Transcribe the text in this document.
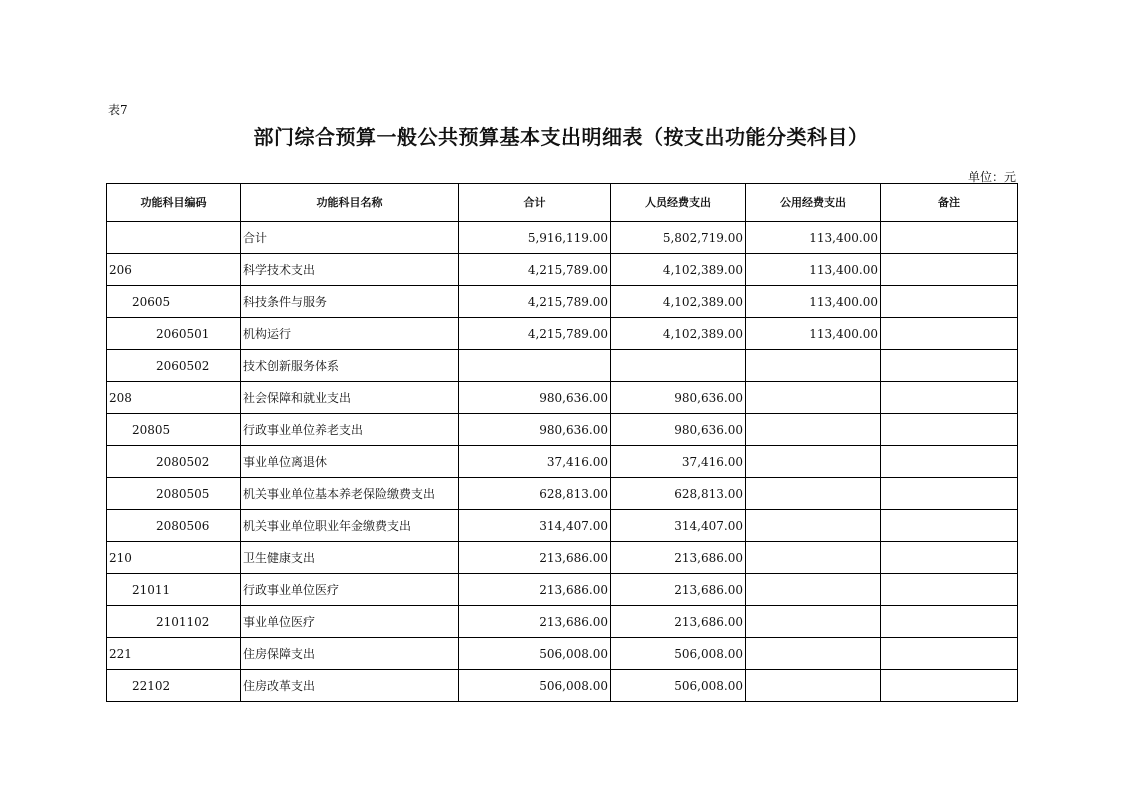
表7
部门综合预算一般公共预算基本支出明细表（按支出功能分类科目）
单位：元
功能科目编码	功能科目名称	合计	人员经费支出	公用经费支出	备注
	合计	5,916,119.00	5,802,719.00	113,400.00	
206	科学技术支出	4,215,789.00	4,102,389.00	113,400.00	
20605	科技条件与服务	4,215,789.00	4,102,389.00	113,400.00	
2060501	机构运行	4,215,789.00	4,102,389.00	113,400.00	
2060502	技术创新服务体系				
208	社会保障和就业支出	980,636.00	980,636.00		
20805	行政事业单位养老支出	980,636.00	980,636.00		
2080502	事业单位离退休	37,416.00	37,416.00		
2080505	机关事业单位基本养老保险缴费支出	628,813.00	628,813.00		
2080506	机关事业单位职业年金缴费支出	314,407.00	314,407.00		
210	卫生健康支出	213,686.00	213,686.00		
21011	行政事业单位医疗	213,686.00	213,686.00		
2101102	事业单位医疗	213,686.00	213,686.00		
221	住房保障支出	506,008.00	506,008.00		
22102	住房改革支出	506,008.00	506,008.00		
